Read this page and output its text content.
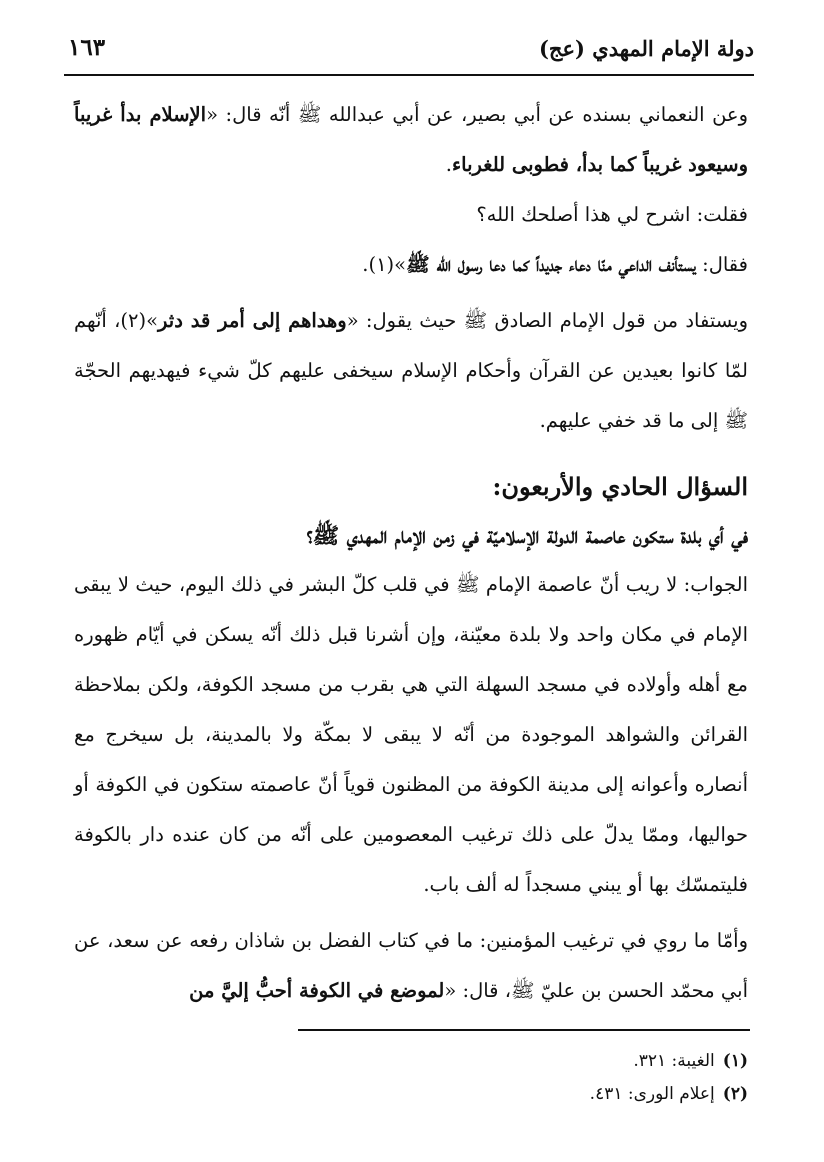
دولة الإمام المهدي (عج)
١٦٣

وعن النعماني بسنده عن أبي بصير، عن أبي عبدالله ﷺ أنّه قال: «الإسلام بدأ غريباً وسيعود غريباً كما بدأ، فطوبى للغرباء.

فقلت: اشرح لي هذا أصلحك الله؟

فقال: يستأنف الداعي منّا دعاء جديداً كما دعا رسول الله ﷺ»(١).

ويستفاد من قول الإمام الصادق ﷺ حيث يقول: «وهداهم إلى أمر قد دثر»(٢)، أنّهم لمّا كانوا بعيدين عن القرآن وأحكام الإسلام سيخفى عليهم كلّ شيء فيهديهم الحجّة ﷺ إلى ما قد خفي عليهم.

السؤال الحادي والأربعون:
في أي بلدة ستكون عاصمة الدولة الإسلاميّة في زمن الإمام المهدي ﷺ؟

الجواب: لا ريب أنّ عاصمة الإمام ﷺ في قلب كلّ البشر في ذلك اليوم، حيث لا يبقى الإمام في مكان واحد ولا بلدة معيّنة، وإن أشرنا قبل ذلك أنّه يسكن في أيّام ظهوره مع أهله وأولاده في مسجد السهلة التي هي بقرب من مسجد الكوفة، ولكن بملاحظة القرائن والشواهد الموجودة من أنّه لا يبقى لا بمكّة ولا بالمدينة، بل سيخرج مع أنصاره وأعوانه إلى مدينة الكوفة من المظنون قوياً أنّ عاصمته ستكون في الكوفة أو حواليها، وممّا يدلّ على ذلك ترغيب المعصومين على أنّه من كان عنده دار بالكوفة فليتمسّك بها أو يبني مسجداً له ألف باب.

وأمّا ما روي في ترغيب المؤمنين: ما في كتاب الفضل بن شاذان رفعه عن سعد، عن أبي محمّد الحسن بن عليّ ﷺ، قال: «لموضع في الكوفة أحبُّ إليَّ من

(١)الغيبة: ٣٢١.
(٢)إعلام الورى: ٤٣١.
